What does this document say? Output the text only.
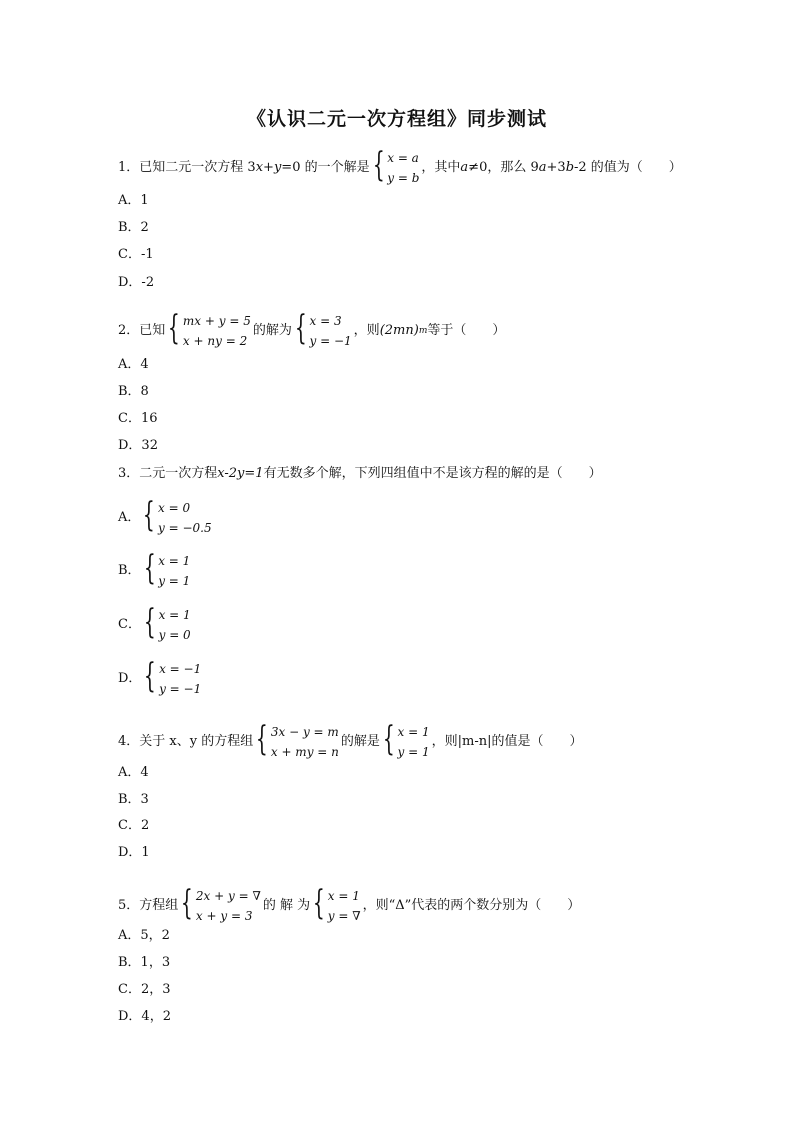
《认识二元一次方程组》同步测试
1．已知二元一次方程 3 x + y =0 的一个解是 { x = a
y = b
，其中 a ≠0，那么 9 a +3 b -2 的值为（　　）
A．1
B．2
C．-1
D．-2
2．已知 { mx + y = 5
x + ny = 2
的解为 { x = 3
y = −1
，则 (2mn) m 等于（　　）
A．4
B．8
C．16
D．32
3．二元一次方程 x-2y=1 有无数多个解，下列四组值中不是该方程的解的是（　　）
A． { x = 0
y = −0.5
B． { x = 1
y = 1
C． { x = 1
y = 0
D． { x = −1
y = −1
4．关于 x、y 的方程组 { 3x − y = m
x + my = n
的解是 { x = 1
y = 1
，则|m-n|的值是（　　）
A．4
B．3
C．2
D．1
5．方程组 { 2x + y = ∇
x + y = 3
的 解 为 { x = 1
y = ∇
，则“Δ”代表的两个数分别为（　　）
A．5，2
B．1，3
C．2，3
D．4，2
